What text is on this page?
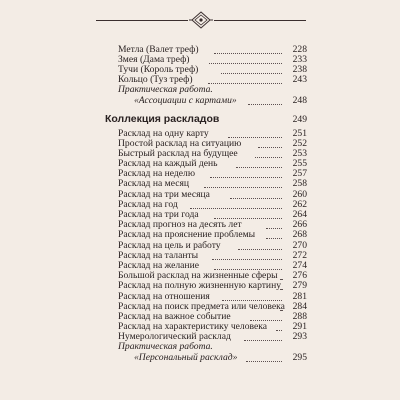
Метла (Валет треф)	228
Змея (Дама треф)	233
Тучи (Король треф)	238
Кольцо (Туз треф)	243
Практическая работа.
«Ассоциации с картами»	248
Коллекция раскладов	249
Расклад на одну карту	251
Простой расклад на ситуацию	252
Быстрый расклад на будущее	253
Расклад на каждый день	255
Расклад на неделю	257
Расклад на месяц	258
Расклад на три месяца	260
Расклад на год	262
Расклад на три года	264
Расклад прогноз на десять лет	266
Расклад на прояснение проблемы	268
Расклад на цель и работу	270
Расклад на таланты	272
Расклад на желание	274
Большой расклад на жизненные сферы 276
Расклад на полную жизненную картину 279
Расклад на отношения	281
Расклад на поиск предмета или человека 284
Расклад на важное событие	288
Расклад на характеристику человека	291
Нумерологический расклад	293
Практическая работа.
«Персональный расклад»	295
